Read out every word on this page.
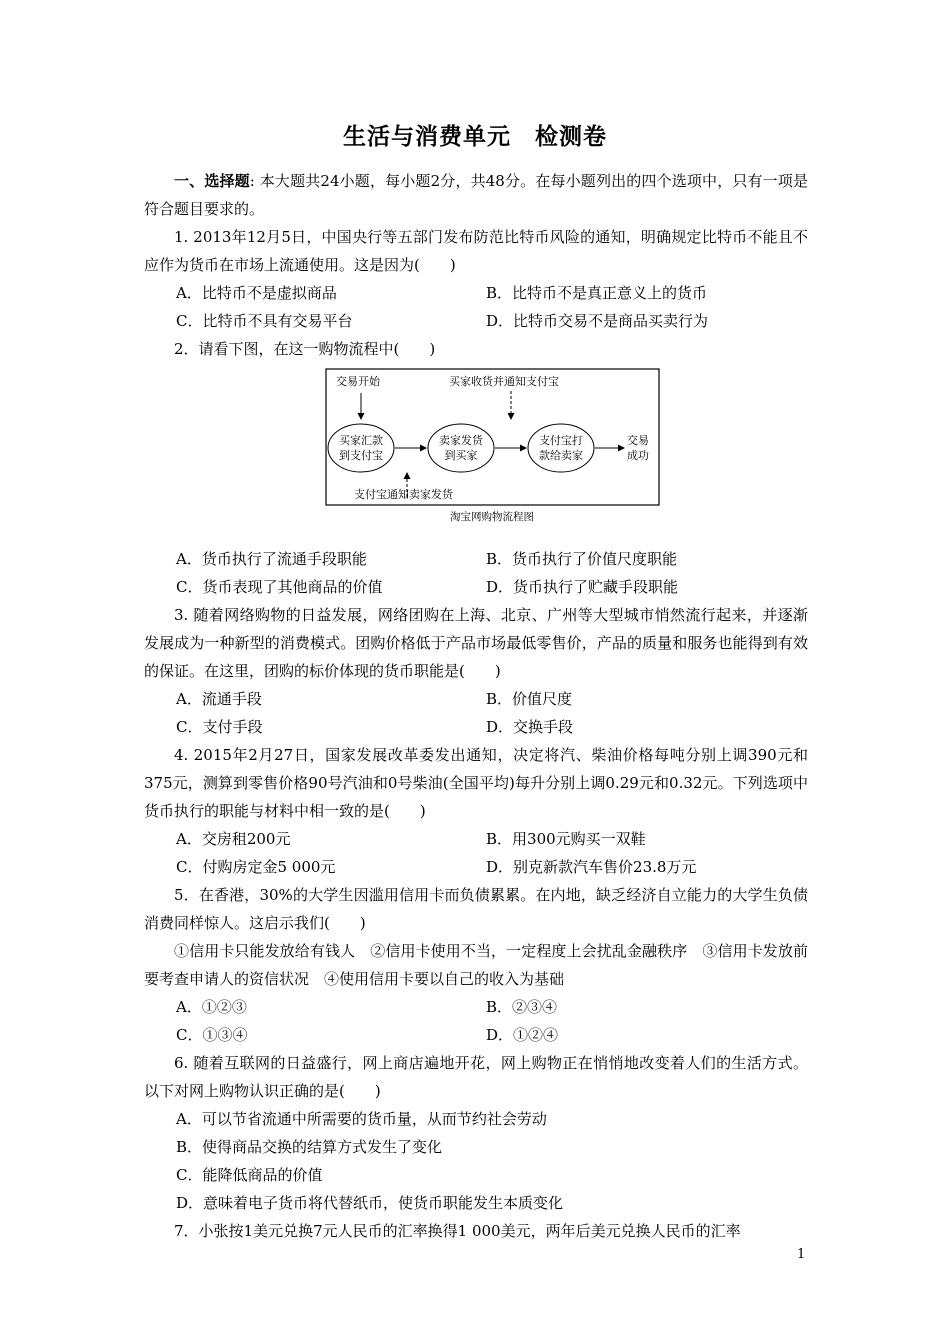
生活与消费单元　检测卷

一、选择题: 本大题共24小题，每小题2分，共48分。在每小题列出的四个选项中，只有一项是符合题目要求的。

1. 2013年12月5日，中国央行等五部门发布防范比特币风险的通知，明确规定比特币不能且不应作为货币在市场上流通使用。这是因为(　　)

A．比特币不是虚拟商品	B．比特币不是真正意义上的货币
C．比特币不具有交易平台	D．比特币交易不是商品买卖行为

2．请看下图，在这一购物流程中(　　)

交易开始	买家收货并通知支付宝
买家汇款
到支付宝
卖家发货
到买家
支付宝打
款给卖家
交易
成功
支付宝通知卖家发货
淘宝网购物流程图
A．货币执行了流通手段职能	B．货币执行了价值尺度职能
C．货币表现了其他商品的价值	D．货币执行了贮藏手段职能

3. 随着网络购物的日益发展，网络团购在上海、北京、广州等大型城市悄然流行起来，并逐渐发展成为一种新型的消费模式。团购价格低于产品市场最低零售价，产品的质量和服务也能得到有效的保证。在这里，团购的标价体现的货币职能是(　　)

A．流通手段	B．价值尺度
C．支付手段	D．交换手段

4. 2015年2月27日，国家发展改革委发出通知，决定将汽、柴油价格每吨分别上调390元和375元，测算到零售价格90号汽油和0号柴油(全国平均)每升分别上调0.29元和0.32元。下列选项中货币执行的职能与材料中相一致的是(　　)

A．交房租200元	B．用300元购买一双鞋
C．付购房定金5 000元	D．别克新款汽车售价23.8万元

5．在香港，30%的大学生因滥用信用卡而负债累累。在内地，缺乏经济自立能力的大学生负债消费同样惊人。这启示我们(　　)

①信用卡只能发放给有钱人　②信用卡使用不当，一定程度上会扰乱金融秩序　③信用卡发放前要考查申请人的资信状况　④使用信用卡要以自己的收入为基础

A．①②③	B．②③④
C．①③④	D．①②④

6. 随着互联网的日益盛行，网上商店遍地开花，网上购物正在悄悄地改变着人们的生活方式。以下对网上购物认识正确的是(　　)

A．可以节省流通中所需要的货币量，从而节约社会劳动
B．使得商品交换的结算方式发生了变化
C．能降低商品的价值
D．意味着电子货币将代替纸币，使货币职能发生本质变化

7．小张按1美元兑换7元人民币的汇率换得1 000美元，两年后美元兑换人民币的汇率

1
